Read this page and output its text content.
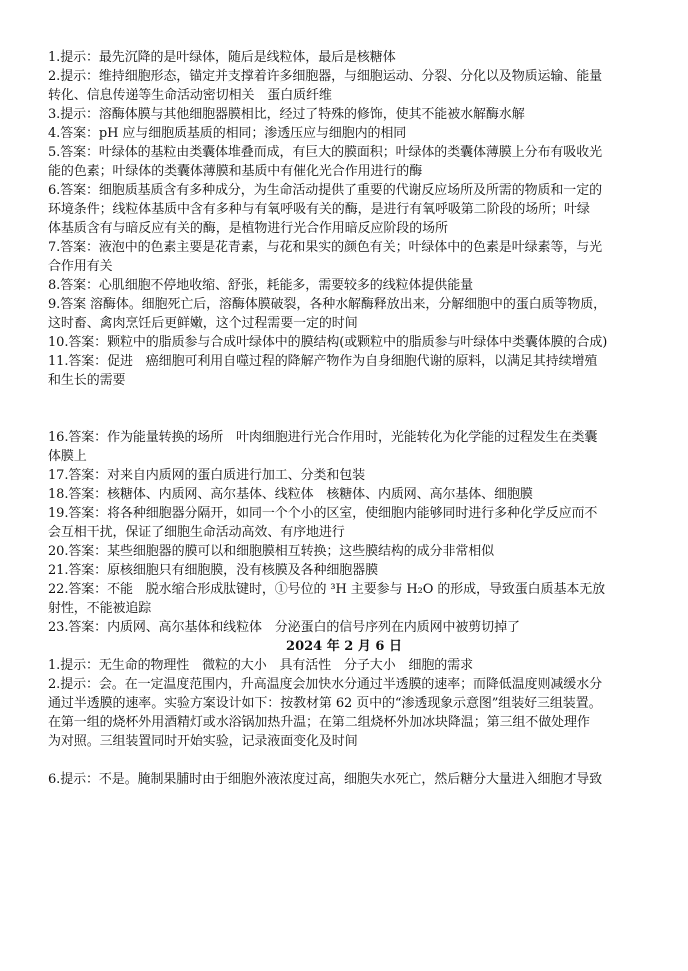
1.提示：最先沉降的是叶绿体，随后是线粒体，最后是核糖体
2.提示：维持细胞形态，锚定并支撑着许多细胞器，与细胞运动、分裂、分化以及物质运输、能量
转化、信息传递等生命活动密切相关　蛋白质纤维
3.提示：溶酶体膜与其他细胞器膜相比，经过了特殊的修饰，使其不能被水解酶水解
4.答案：pH 应与细胞质基质的相同；渗透压应与细胞内的相同
5.答案：叶绿体的基粒由类囊体堆叠而成，有巨大的膜面积；叶绿体的类囊体薄膜上分布有吸收光
能的色素；叶绿体的类囊体薄膜和基质中有催化光合作用进行的酶
6.答案：细胞质基质含有多种成分，为生命活动提供了重要的代谢反应场所及所需的物质和一定的
环境条件；线粒体基质中含有多种与有氧呼吸有关的酶，是进行有氧呼吸第二阶段的场所；叶绿
体基质含有与暗反应有关的酶，是植物进行光合作用暗反应阶段的场所
7.答案：液泡中的色素主要是花青素，与花和果实的颜色有关；叶绿体中的色素是叶绿素等，与光
合作用有关
8.答案：心肌细胞不停地收缩、舒张，耗能多，需要较多的线粒体提供能量
9.答案 溶酶体。细胞死亡后，溶酶体膜破裂，各种水解酶释放出来，分解细胞中的蛋白质等物质，
这时畜、禽肉烹饪后更鲜嫩，这个过程需要一定的时间
10.答案：颗粒中的脂质参与合成叶绿体中的膜结构(或颗粒中的脂质参与叶绿体中类囊体膜的合成)
11.答案：促进　癌细胞可利用自噬过程的降解产物作为自身细胞代谢的原料，以满足其持续增殖
和生长的需要
16.答案：作为能量转换的场所　叶肉细胞进行光合作用时，光能转化为化学能的过程发生在类囊
体膜上
17.答案：对来自内质网的蛋白质进行加工、分类和包装
18.答案：核糖体、内质网、高尔基体、线粒体　核糖体、内质网、高尔基体、细胞膜
19.答案：将各种细胞器分隔开，如同一个个小的区室，使细胞内能够同时进行多种化学反应而不
会互相干扰，保证了细胞生命活动高效、有序地进行
20.答案：某些细胞器的膜可以和细胞膜相互转换；这些膜结构的成分非常相似
21.答案：原核细胞只有细胞膜，没有核膜及各种细胞器膜
22.答案：不能　脱水缩合形成肽键时，①号位的 ³H 主要参与 H₂O 的形成，导致蛋白质基本无放
射性，不能被追踪
23.答案：内质网、高尔基体和线粒体　分泌蛋白的信号序列在内质网中被剪切掉了
2024 年 2 月 6 日
1.提示：无生命的物理性　微粒的大小　具有活性　分子大小　细胞的需求
2.提示：会。在一定温度范围内，升高温度会加快水分通过半透膜的速率；而降低温度则减缓水分
通过半透膜的速率。实验方案设计如下：按教材第 62 页中的“渗透现象示意图”组装好三组装置。
在第一组的烧杯外用酒精灯或水浴锅加热升温；在第二组烧杯外加冰块降温；第三组不做处理作
为对照。三组装置同时开始实验，记录液面变化及时间
6.提示：不是。腌制果脯时由于细胞外液浓度过高，细胞失水死亡，然后糖分大量进入细胞才导致
